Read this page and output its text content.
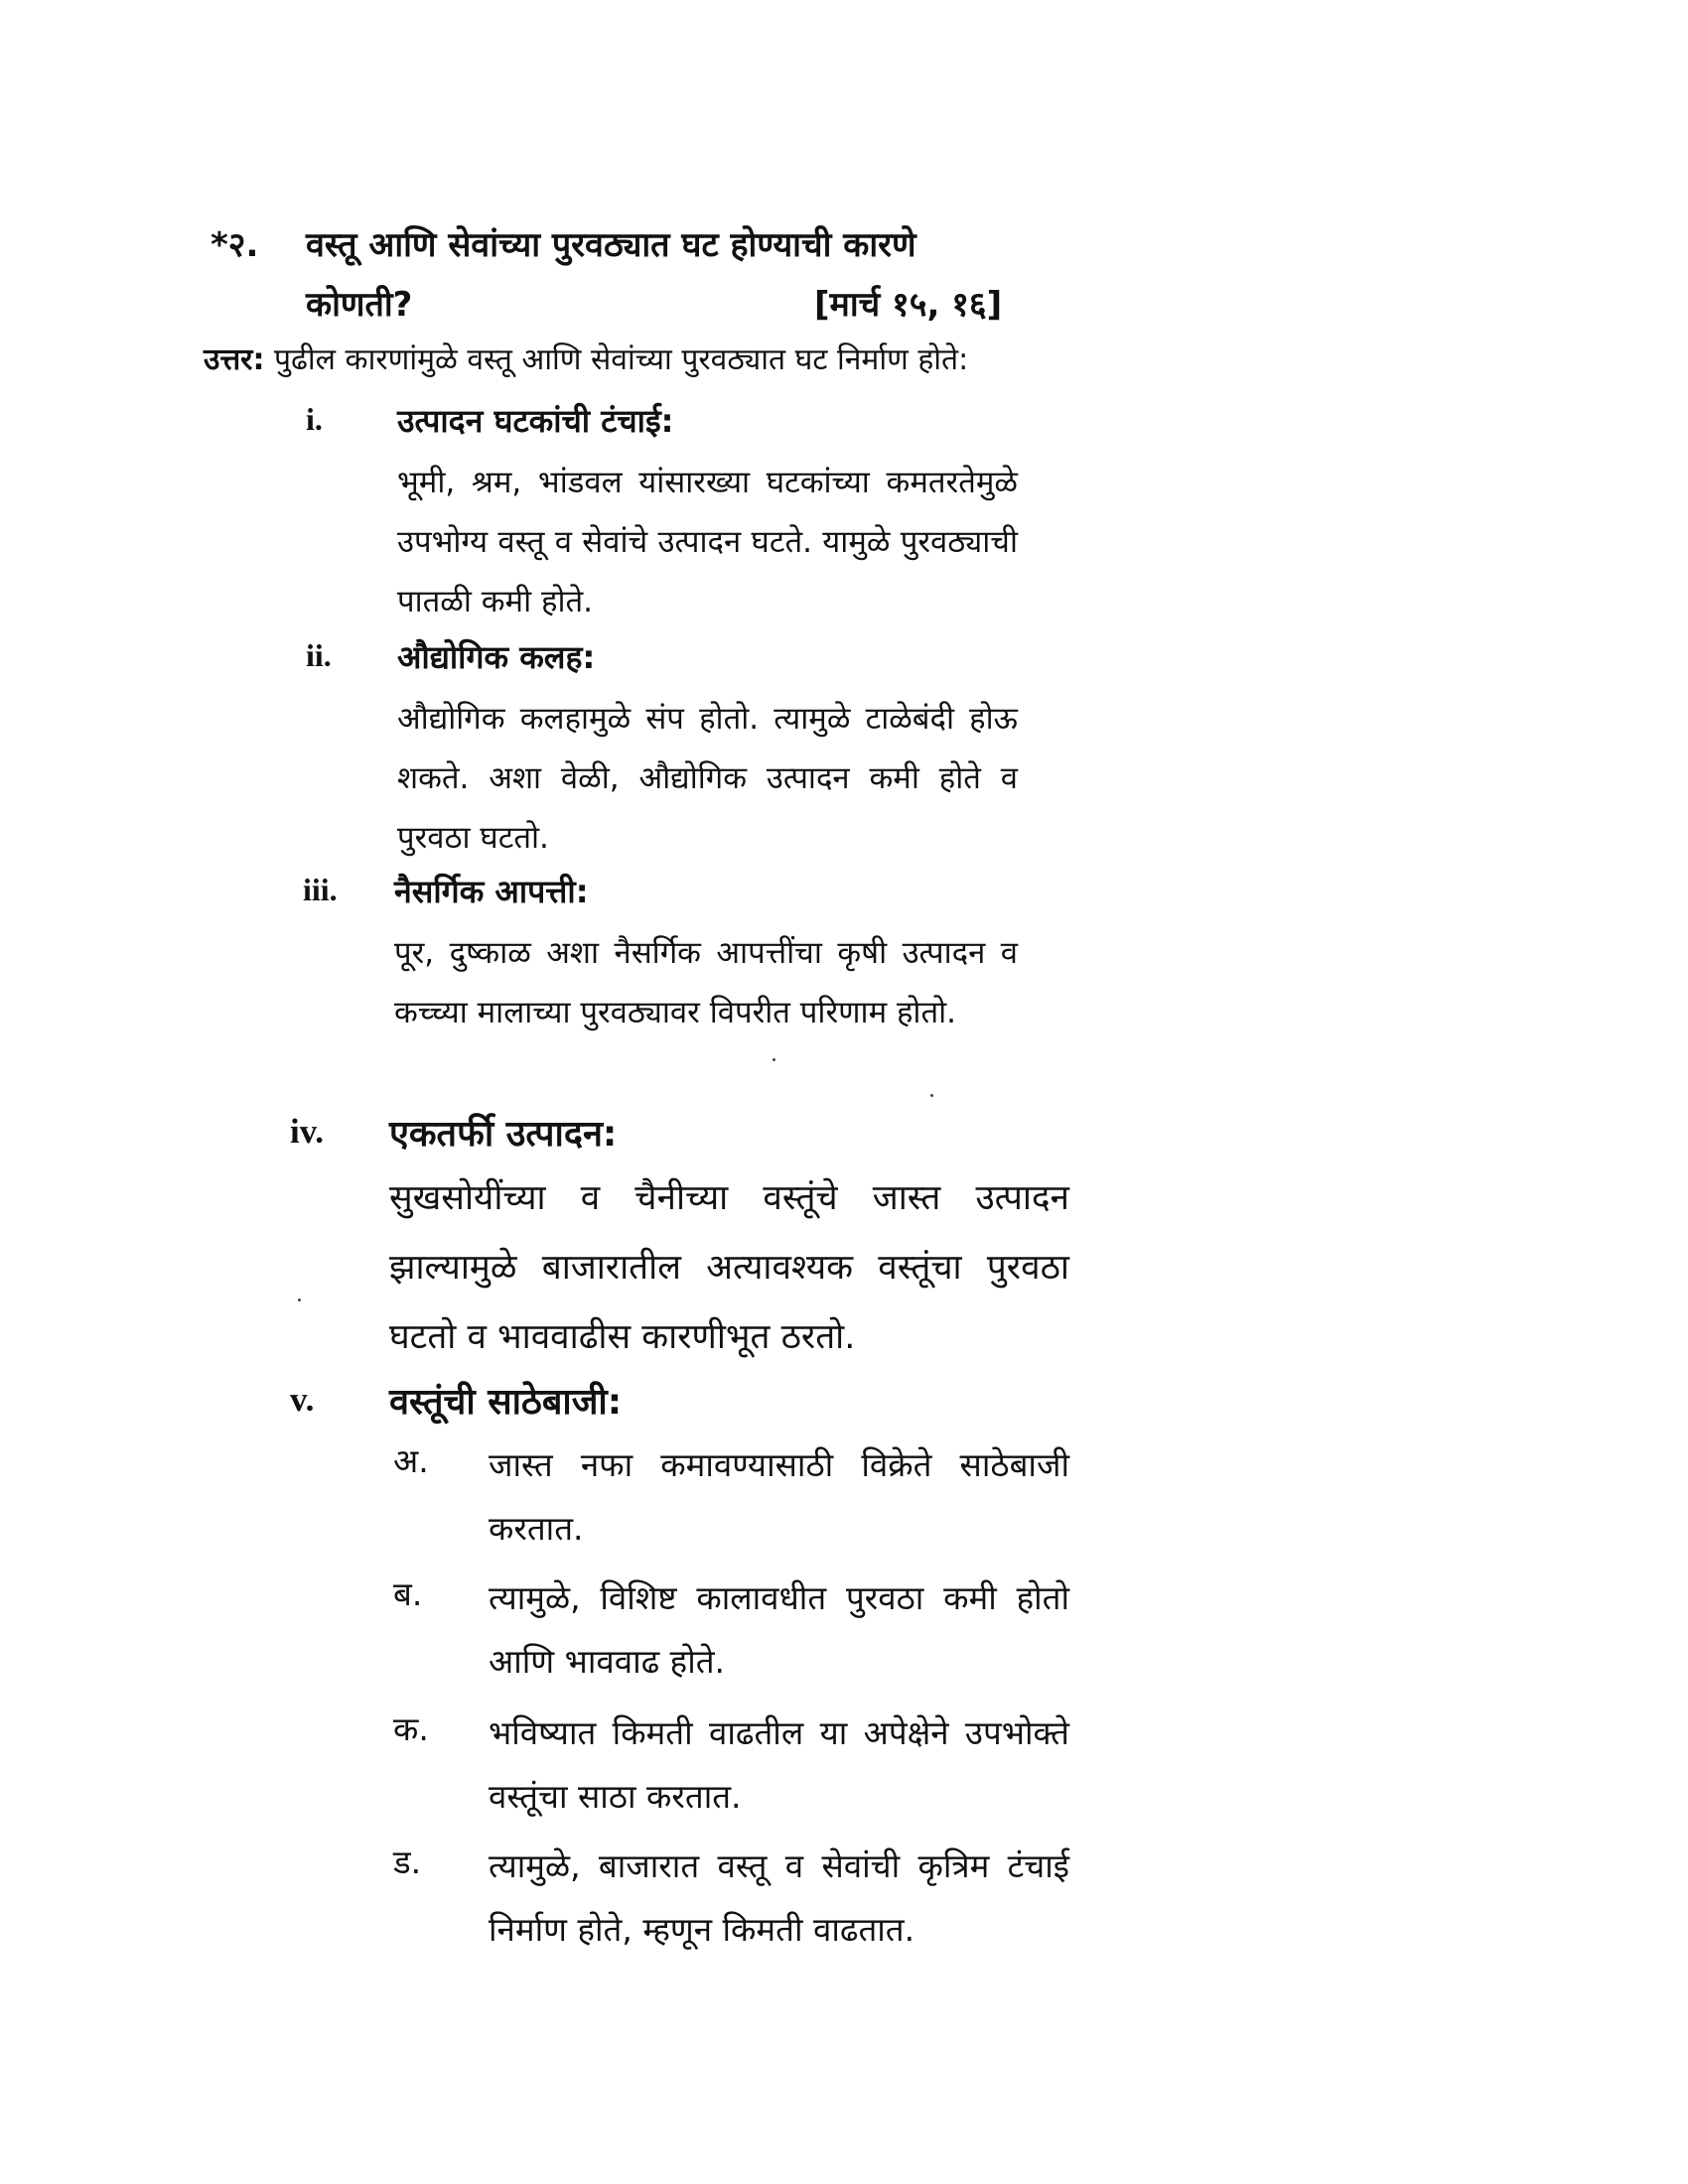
*२. वस्तू आणि सेवांच्या पुरवठ्यात घट होण्याची कारणे
कोणती?	[मार्च १५, १६]
उत्तर: पुढील कारणांमुळे वस्तू आणि सेवांच्या पुरवठ्यात घट निर्माण होते:
i. उत्पादन घटकांची टंचाई:
भूमी, श्रम, भांडवल यांसारख्या घटकांच्या कमतरतेमुळे उपभोग्य वस्तू व सेवांचे उत्पादन घटते. यामुळे पुरवठ्याची पातळी कमी होते.
ii. औद्योगिक कलह:
औद्योगिक कलहामुळे संप होतो. त्यामुळे टाळेबंदी होऊ शकते. अशा वेळी, औद्योगिक उत्पादन कमी होते व पुरवठा घटतो.
iii. नैसर्गिक आपत्ती:
पूर, दुष्काळ अशा नैसर्गिक आपत्तींचा कृषी उत्पादन व कच्च्या मालाच्या पुरवठ्यावर विपरीत परिणाम होतो.
iv. एकतर्फी उत्पादन:
सुखसोयींच्या व चैनीच्या वस्तूंचे जास्त उत्पादन झाल्यामुळे बाजारातील अत्यावश्यक वस्तूंचा पुरवठा घटतो व भाववाढीस कारणीभूत ठरतो.
v. वस्तूंची साठेबाजी:
अ. जास्त नफा कमावण्यासाठी विक्रेते साठेबाजी करतात.
ब. त्यामुळे, विशिष्ट कालावधीत पुरवठा कमी होतो आणि भाववाढ होते.
क. भविष्यात किमती वाढतील या अपेक्षेने उपभोक्ते वस्तूंचा साठा करतात.
ड. त्यामुळे, बाजारात वस्तू व सेवांची कृत्रिम टंचाई निर्माण होते, म्हणून किमती वाढतात.
